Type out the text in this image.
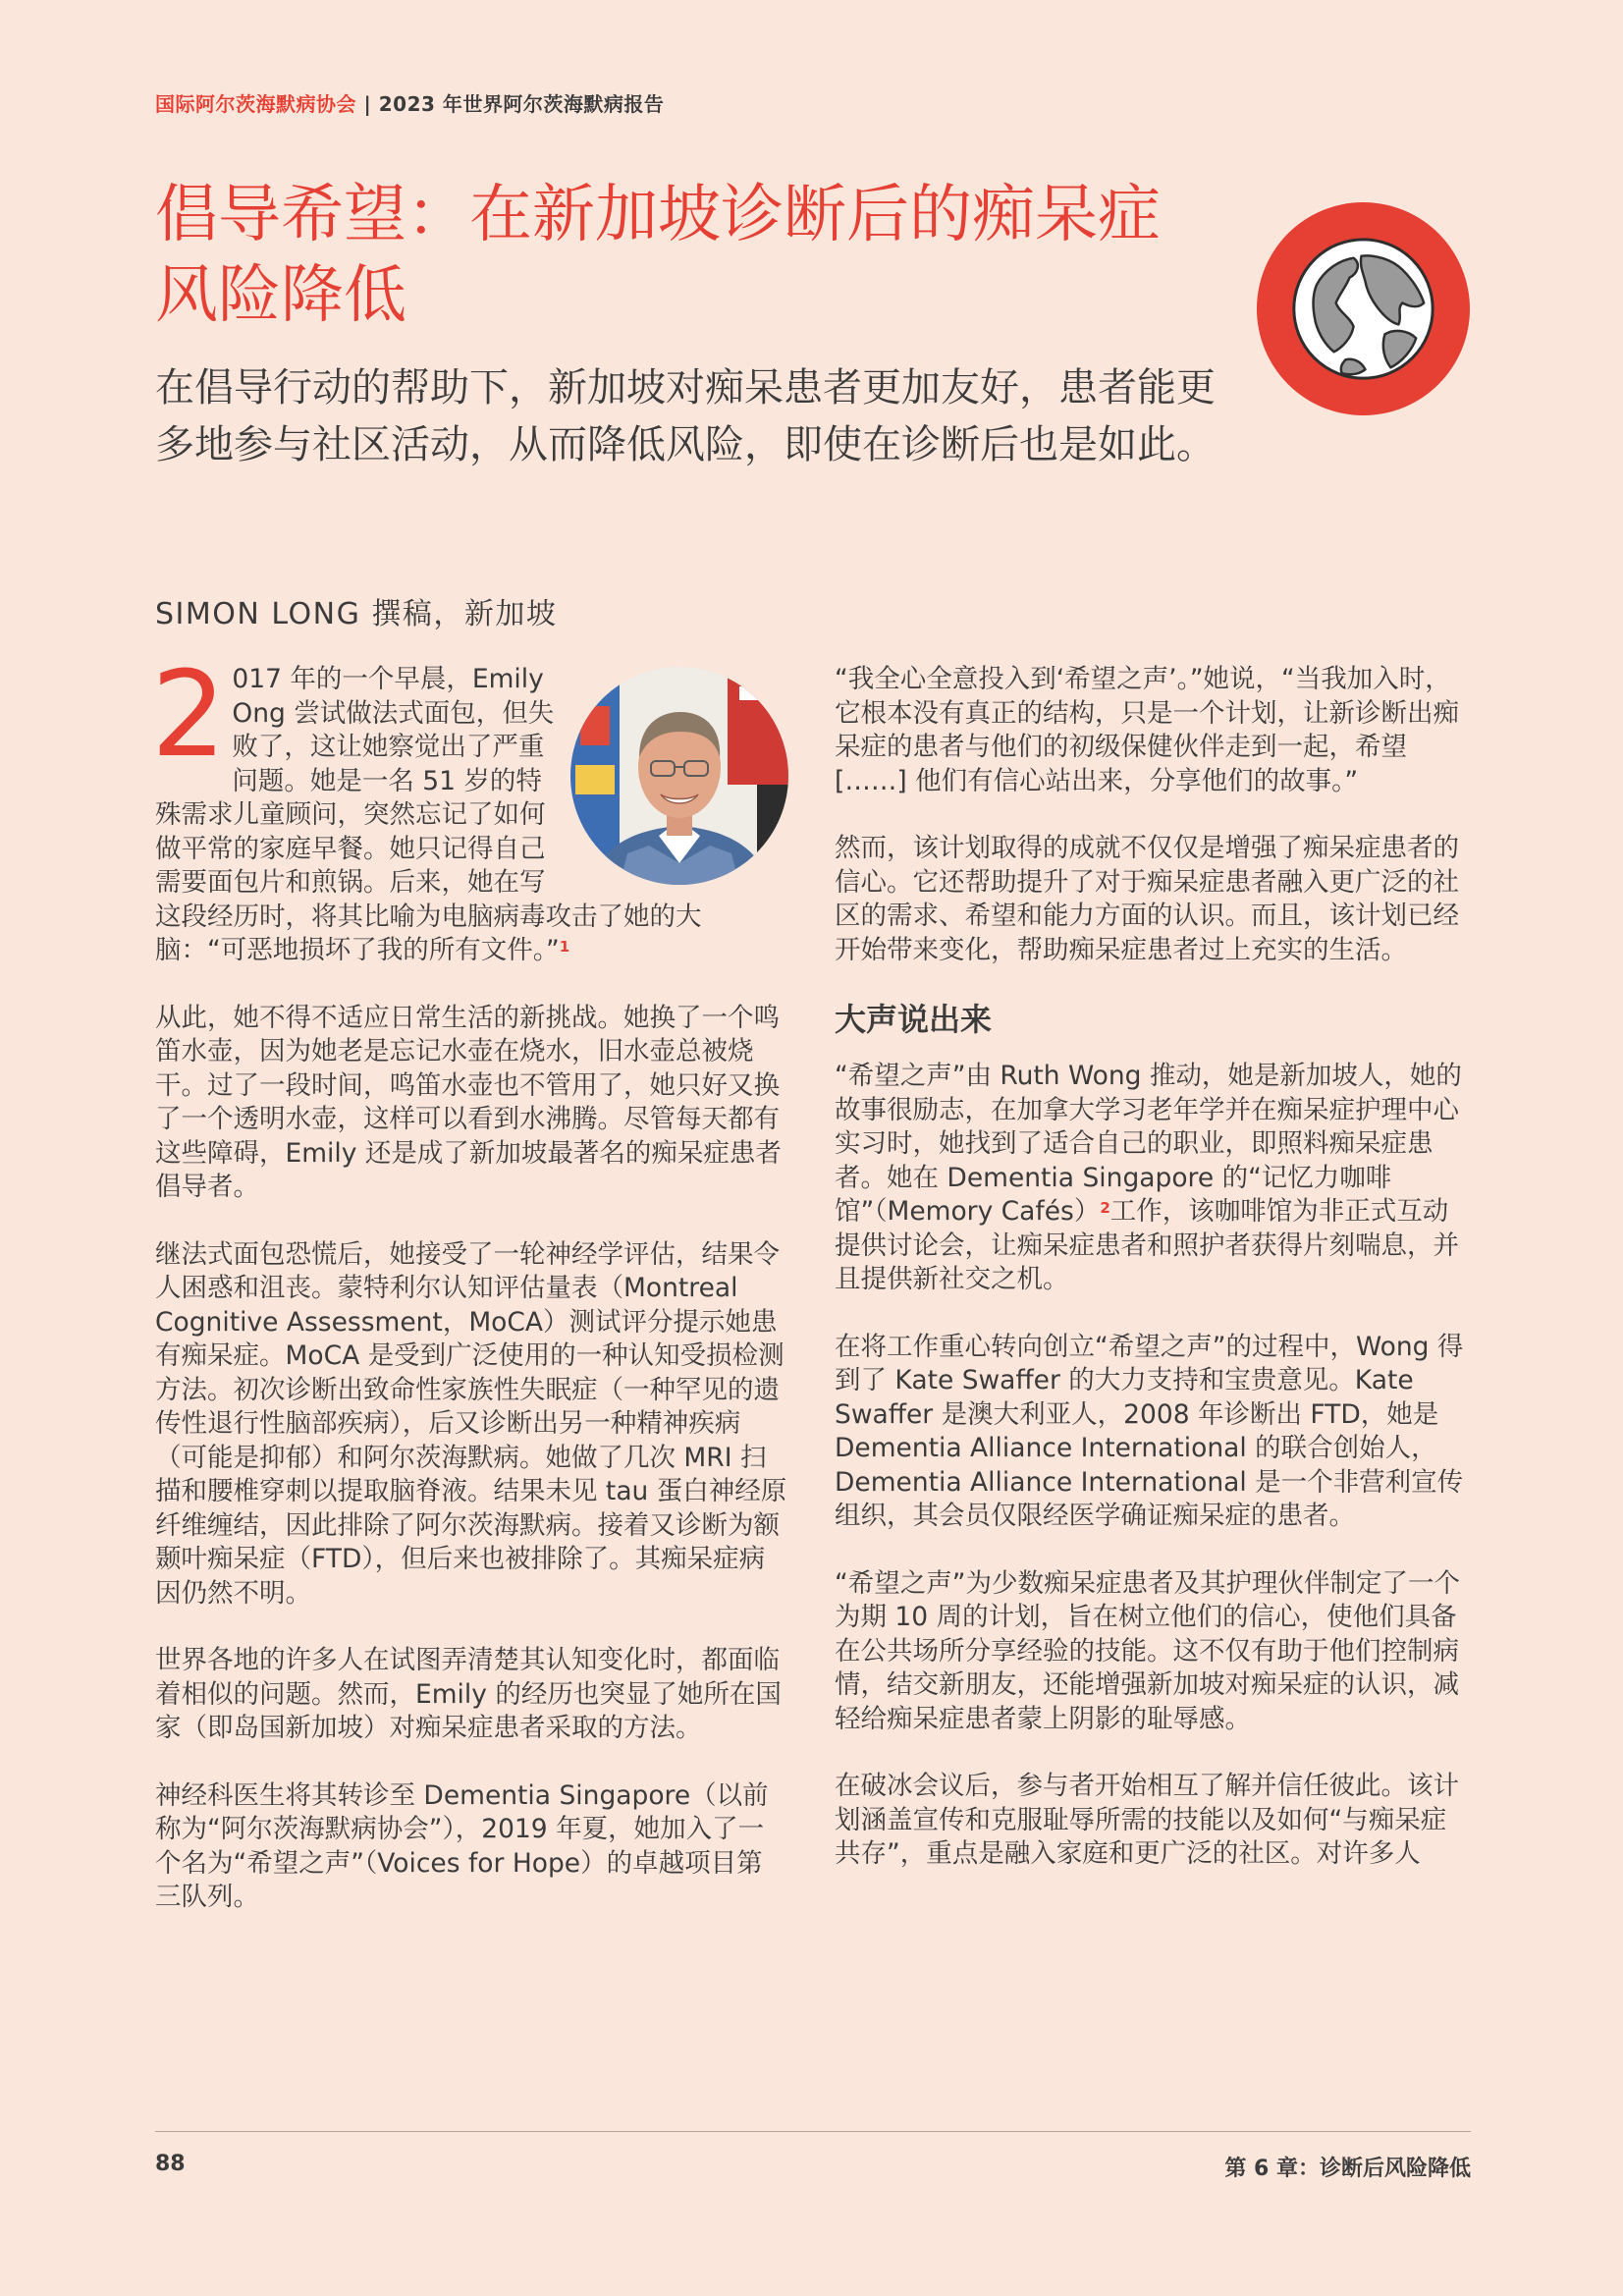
国际阿尔茨海默病协会 | 2023 年世界阿尔茨海默病报告
倡导希望：在新加坡诊断后的痴呆症风险降低

在倡导行动的帮助下，新加坡对痴呆患者更加友好，患者能更多地参与社区活动，从而降低风险，即使在诊断后也是如此。

SIMON LONG 撰稿，新加坡

2 017 年的一个早晨，Emily Ong 尝试做法式面包，但失败了，这让她察觉出了严重问题。她是一名 51 岁的特殊需求儿童顾问，突然忘记了如何做平常的家庭早餐。她只记得自己需要面包片和煎锅。后来，她在写这段经历时，将其比喻为电脑病毒攻击了她的大脑：“可恶地损坏了我的所有文件。”$^1$

从此，她不得不适应日常生活的新挑战。她换了一个鸣笛水壶，因为她老是忘记水壶在烧水，旧水壶总被烧干。过了一段时间，鸣笛水壶也不管用了，她只好又换了一个透明水壶，这样可以看到水沸腾。尽管每天都有这些障碍，Emily 还是成了新加坡最著名的痴呆症患者倡导者。

继法式面包恐慌后，她接受了一轮神经学评估，结果令人困惑和沮丧。蒙特利尔认知评估量表（Montreal Cognitive Assessment，MoCA）测试评分提示她患有痴呆症。MoCA 是受到广泛使用的一种认知受损检测方法。初次诊断出致命性家族性失眠症（一种罕见的遗传性退行性脑部疾病），后又诊断出另一种精神疾病（可能是抑郁）和阿尔茨海默病。她做了几次 MRI 扫描和腰椎穿刺以提取脑脊液。结果未见 tau 蛋白神经原纤维缠结，因此排除了阿尔茨海默病。接着又诊断为额颞叶痴呆症（FTD），但后来也被排除了。其痴呆症病因仍然不明。

世界各地的许多人在试图弄清楚其认知变化时，都面临着相似的问题。然而，Emily 的经历也突显了她所在国家（即岛国新加坡）对痴呆症患者采取的方法。

神经科医生将其转诊至 Dementia Singapore（以前称为“阿尔茨海默病协会”），2019 年夏，她加入了一个名为“希望之声”（Voices for Hope）的卓越项目第三队列。

“我全心全意投入到‘希望之声’。”她说，“当我加入时，它根本没有真正的结构，只是一个计划，让新诊断出痴呆症的患者与他们的初级保健伙伴走到一起，希望[……] 他们有信心站出来，分享他们的故事。”

然而，该计划取得的成就不仅仅是增强了痴呆症患者的信心。它还帮助提升了对于痴呆症患者融入更广泛的社区的需求、希望和能力方面的认识。而且，该计划已经开始带来变化，帮助痴呆症患者过上充实的生活。

大声说出来

“希望之声”由 Ruth Wong 推动，她是新加坡人，她的故事很励志，在加拿大学习老年学并在痴呆症护理中心实习时，她找到了适合自己的职业，即照料痴呆症患者。她在 Dementia Singapore 的“记忆力咖啡馆”（Memory Cafés）$^2$工作，该咖啡馆为非正式互动提供讨论会，让痴呆症患者和照护者获得片刻喘息，并且提供新社交之机。

在将工作重心转向创立“希望之声”的过程中，Wong 得到了 Kate Swaffer 的大力支持和宝贵意见。Kate Swaffer 是澳大利亚人，2008 年诊断出 FTD，她是 Dementia Alliance International 的联合创始人，Dementia Alliance International 是一个非营利宣传组织，其会员仅限经医学确证痴呆症的患者。

“希望之声”为少数痴呆症患者及其护理伙伴制定了一个为期 10 周的计划，旨在树立他们的信心，使他们具备在公共场所分享经验的技能。这不仅有助于他们控制病情，结交新朋友，还能增强新加坡对痴呆症的认识，减轻给痴呆症患者蒙上阴影的耻辱感。

在破冰会议后，参与者开始相互了解并信任彼此。该计划涵盖宣传和克服耻辱所需的技能以及如何“与痴呆症共存”，重点是融入家庭和更广泛的社区。对许多人

88	第 6 章：诊断后风险降低
